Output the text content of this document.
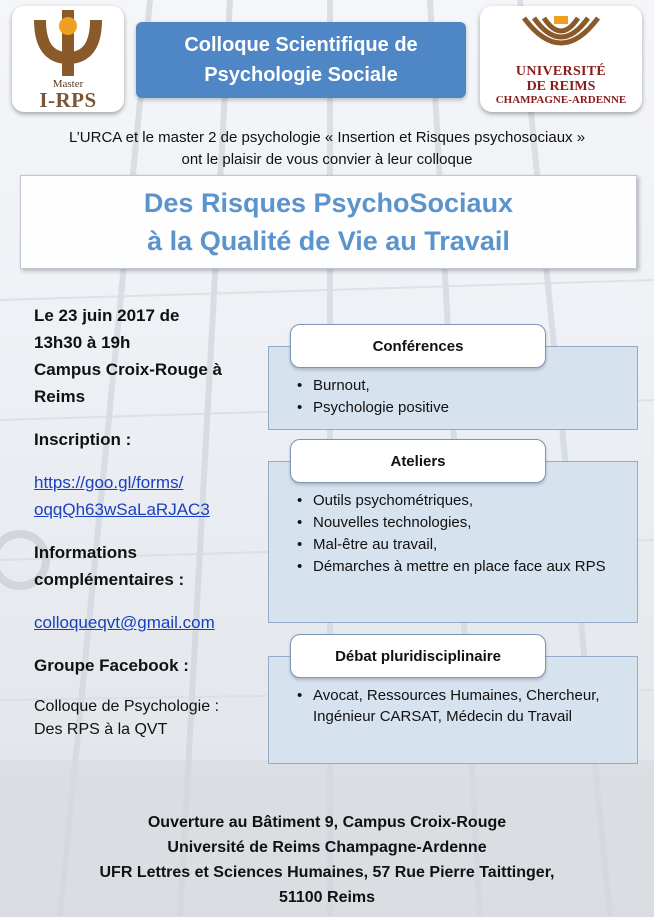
Master
I-RPS
Colloque Scientifique de
Psychologie Sociale	UNIVERSITÉ
DE REIMS
CHAMPAGNE-ARDENNE
L’URCA et le master 2 de psychologie « Insertion et Risques psychosociaux »
ont le plaisir de vous convier à leur colloque
Des Risques PsychoSociaux
à la Qualité de Vie au Travail
Le 23 juin 2017 de
13h30 à 19h
Campus Croix-Rouge à
Reims
Inscription :
https://goo.gl/forms/
oqqQh63wSaLaRJAC3
Informations
complémentaires :
colloqueqvt@gmail.com
Groupe Facebook :
Colloque de Psychologie :
Des RPS à la QVT
• Burnout,
• Psychologie positive
Conférences
• Outils psychométriques,
• Nouvelles technologies,
• Mal-être au travail,
• Démarches à mettre en place face aux RPS
Ateliers
• Avocat, Ressources Humaines, Chercheur, Ingénieur CARSAT, Médecin du Travail
Débat pluridisciplinaire
Ouverture au Bâtiment 9, Campus Croix-Rouge
Université de Reims Champagne-Ardenne
UFR Lettres et Sciences Humaines, 57 Rue Pierre Taittinger,
51100 Reims
